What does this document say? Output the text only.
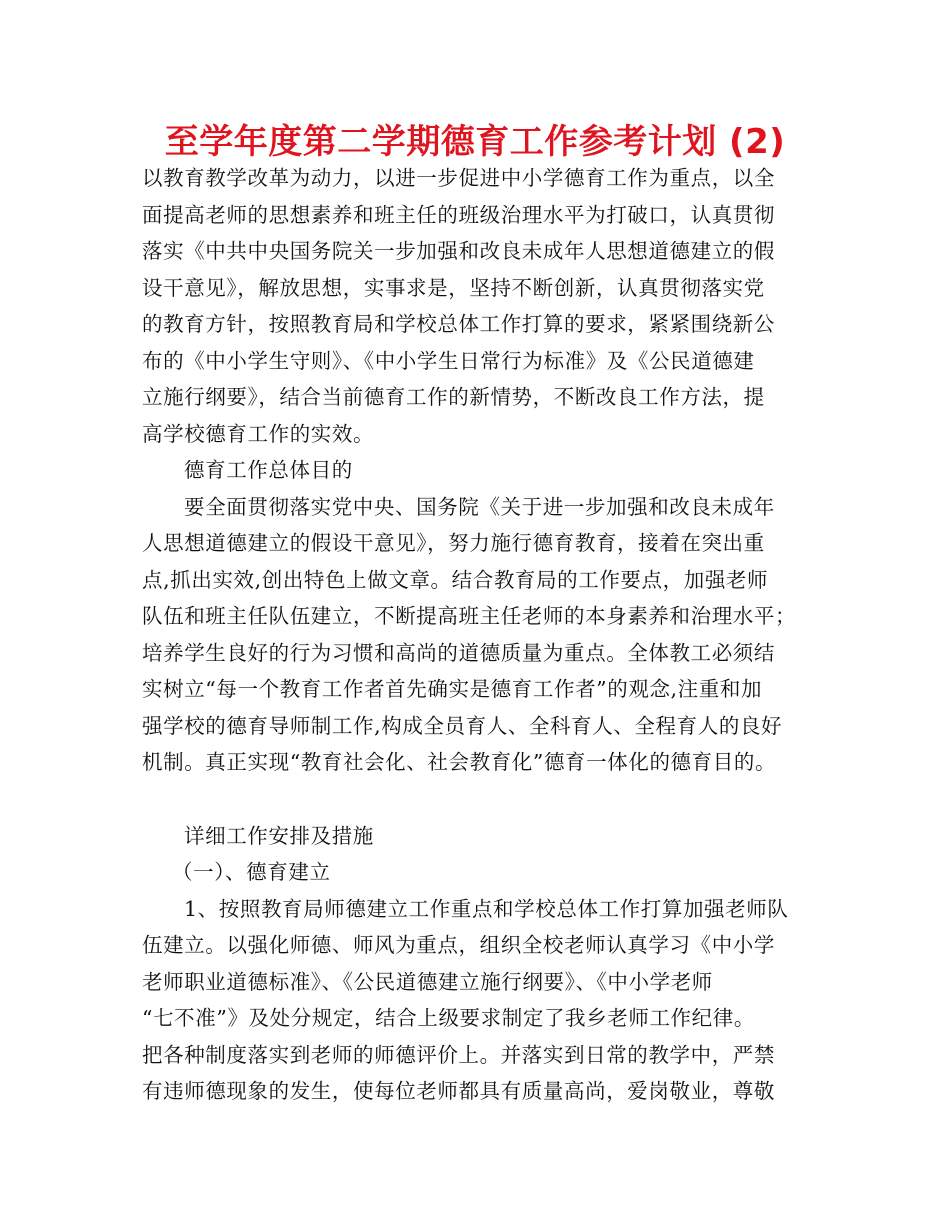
至学年度第二学期德育工作参考计划 (2)
以教育教学改革为动力，以进一步促进中小学德育工作为重点，以全
面提高老师的思想素养和班主任的班级治理水平为打破口，认真贯彻
落实《中共中央国务院关一步加强和改良未成年人思想道德建立的假
设干意见》，解放思想，实事求是，坚持不断创新，认真贯彻落实党
的教育方针，按照教育局和学校总体工作打算的要求，紧紧围绕新公
布的《中小学生守则》、《中小学生日常行为标准》及《公民道德建
立施行纲要》，结合当前德育工作的新情势，不断改良工作方法，提
高学校德育工作的实效。
德育工作总体目的
要全面贯彻落实党中央、国务院《关于进一步加强和改良未成年
人思想道德建立的假设干意见》，努力施行德育教育，接着在突出重
点,抓出实效,创出特色上做文章。结合教育局的工作要点，加强老师
队伍和班主任队伍建立，不断提高班主任老师的本身素养和治理水平；
培养学生良好的行为习惯和高尚的道德质量为重点。全体教工必须结
实树立“每一个教育工作者首先确实是德育工作者”的观念,注重和加
强学校的德育导师制工作,构成全员育人、全科育人、全程育人的良好
机制。真正实现“教育社会化、社会教育化”德育一体化的德育目的。
详细工作安排及措施
（一）、德育建立
1、按照教育局师德建立工作重点和学校总体工作打算加强老师队
伍建立。以强化师德、师风为重点，组织全校老师认真学习《中小学
老师职业道德标准》、《公民道德建立施行纲要》、《中小学老师
“七不准”》及处分规定，结合上级要求制定了我乡老师工作纪律。
把各种制度落实到老师的师德评价上。并落实到日常的教学中，严禁
有违师德现象的发生，使每位老师都具有质量高尚，爱岗敬业，尊敬
